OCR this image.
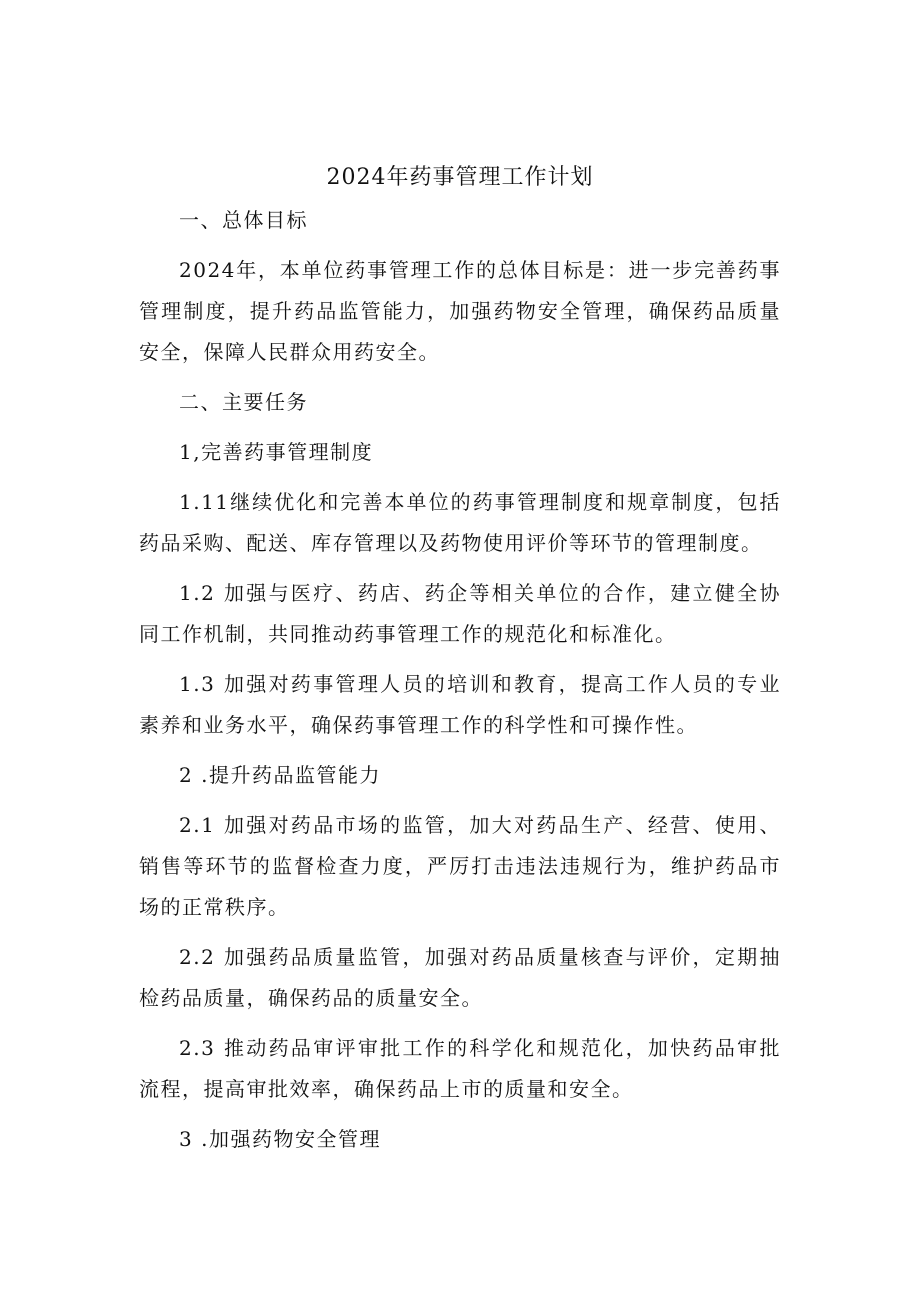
2024年药事管理工作计划

一、总体目标

2024年，本单位药事管理工作的总体目标是：进一步完善药事管理制度，提升药品监管能力，加强药物安全管理，确保药品质量安全，保障人民群众用药安全。

二、主要任务

1,完善药事管理制度

1.11继续优化和完善本单位的药事管理制度和规章制度，包括药品采购、配送、库存管理以及药物使用评价等环节的管理制度。

1.2 加强与医疗、药店、药企等相关单位的合作，建立健全协同工作机制，共同推动药事管理工作的规范化和标准化。

1.3 加强对药事管理人员的培训和教育，提高工作人员的专业素养和业务水平，确保药事管理工作的科学性和可操作性。

2 .提升药品监管能力

2.1 加强对药品市场的监管，加大对药品生产、经营、使用、销售等环节的监督检查力度，严厉打击违法违规行为，维护药品市场的正常秩序。

2.2 加强药品质量监管，加强对药品质量核查与评价，定期抽检药品质量，确保药品的质量安全。

2.3 推动药品审评审批工作的科学化和规范化，加快药品审批流程，提高审批效率，确保药品上市的质量和安全。

3 .加强药物安全管理
